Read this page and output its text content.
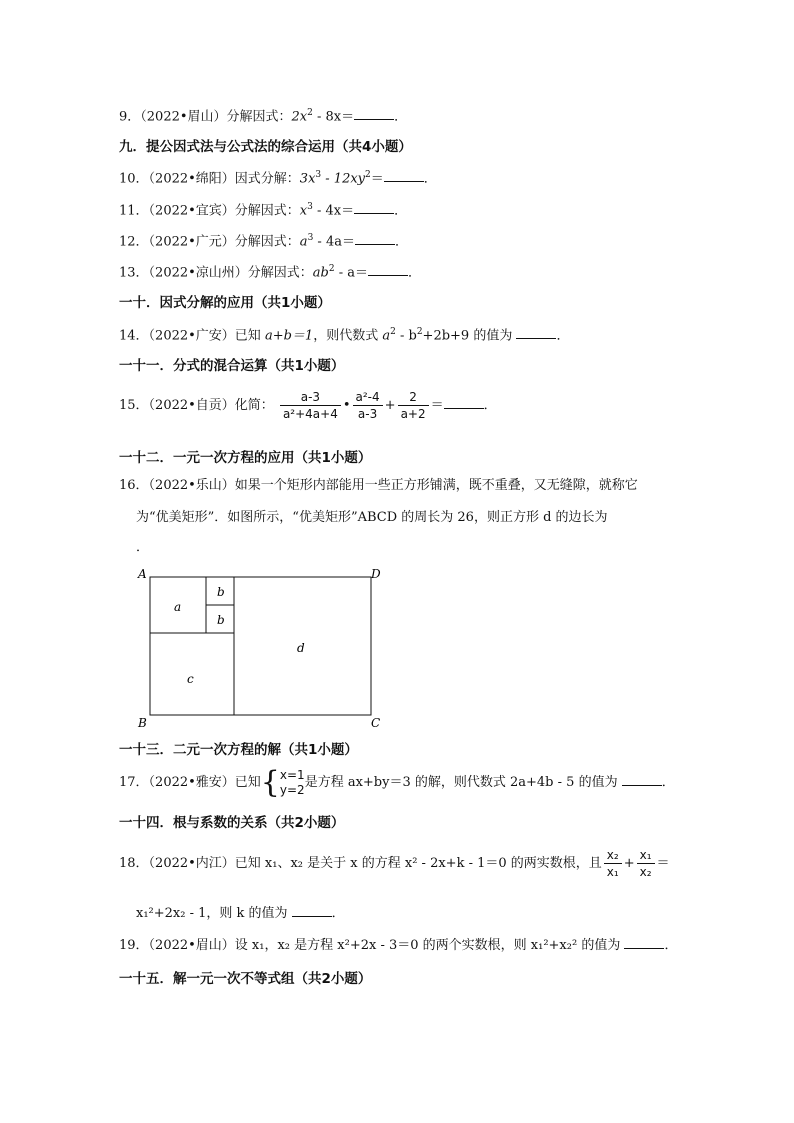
9．（2022•眉山）分解因式：$2x^2 - 8x=$	．
九．提公因式法与公式法的综合运用（共4小题）
10．（2022•绵阳）因式分解：$3x^3 - 12xy^2=$	．
11．（2022•宜宾）分解因式：$x^3 - 4x=$	．
12．（2022•广元）分解因式：$a^3 - 4a=$	．
13．（2022•凉山州）分解因式：$ab^2 - a=$	．
一十．因式分解的应用（共1小题）
14．（2022•广安）已知 a+b＝1，则代数式 $a^2 - b^2+2b+9$ 的值为	．
一十一．分式的混合运算（共1小题）
15．（2022•自贡）化简： $\frac{a-3}{\text{a²+4a+4}}$ • $\frac{\text{a²-4}}{a-3} + \frac{2}{a+2}$ ＝	．
一十二．一元一次方程的应用（共1小题）
16．（2022•乐山）如果一个矩形内部能用一些正方形铺满，既不重叠，又无缝隙，就称它
为“优美矩形”．如图所示，“优美矩形”ABCD 的周长为 26，则正方形 d 的边长为
．
A	D
B	C
a
b
b
c
d
一十三．二元一次方程的解（共1小题）
17．（2022•雅安）已知{ x=1
y=2 是方程 ax+by＝3 的解，则代数式 2a+4b - 5 的值为	．
一十四．根与系数的关系（共2小题）
18．（2022•内江）已知 x₁、x₂ 是关于 x 的方程 x² - 2x+k - 1＝0 的两实数根，且 $\frac{\text{x₂}}{\text{x₁}} + \frac{\text{x₁}}{\text{x₂}}$ ＝
x₁²+2x₂ - 1，则 k 的值为	．
19．（2022•眉山）设 x₁，x₂ 是方程 x²+2x - 3＝0 的两个实数根，则 x₁²+x₂² 的值为	．
一十五．解一元一次不等式组（共2小题）
